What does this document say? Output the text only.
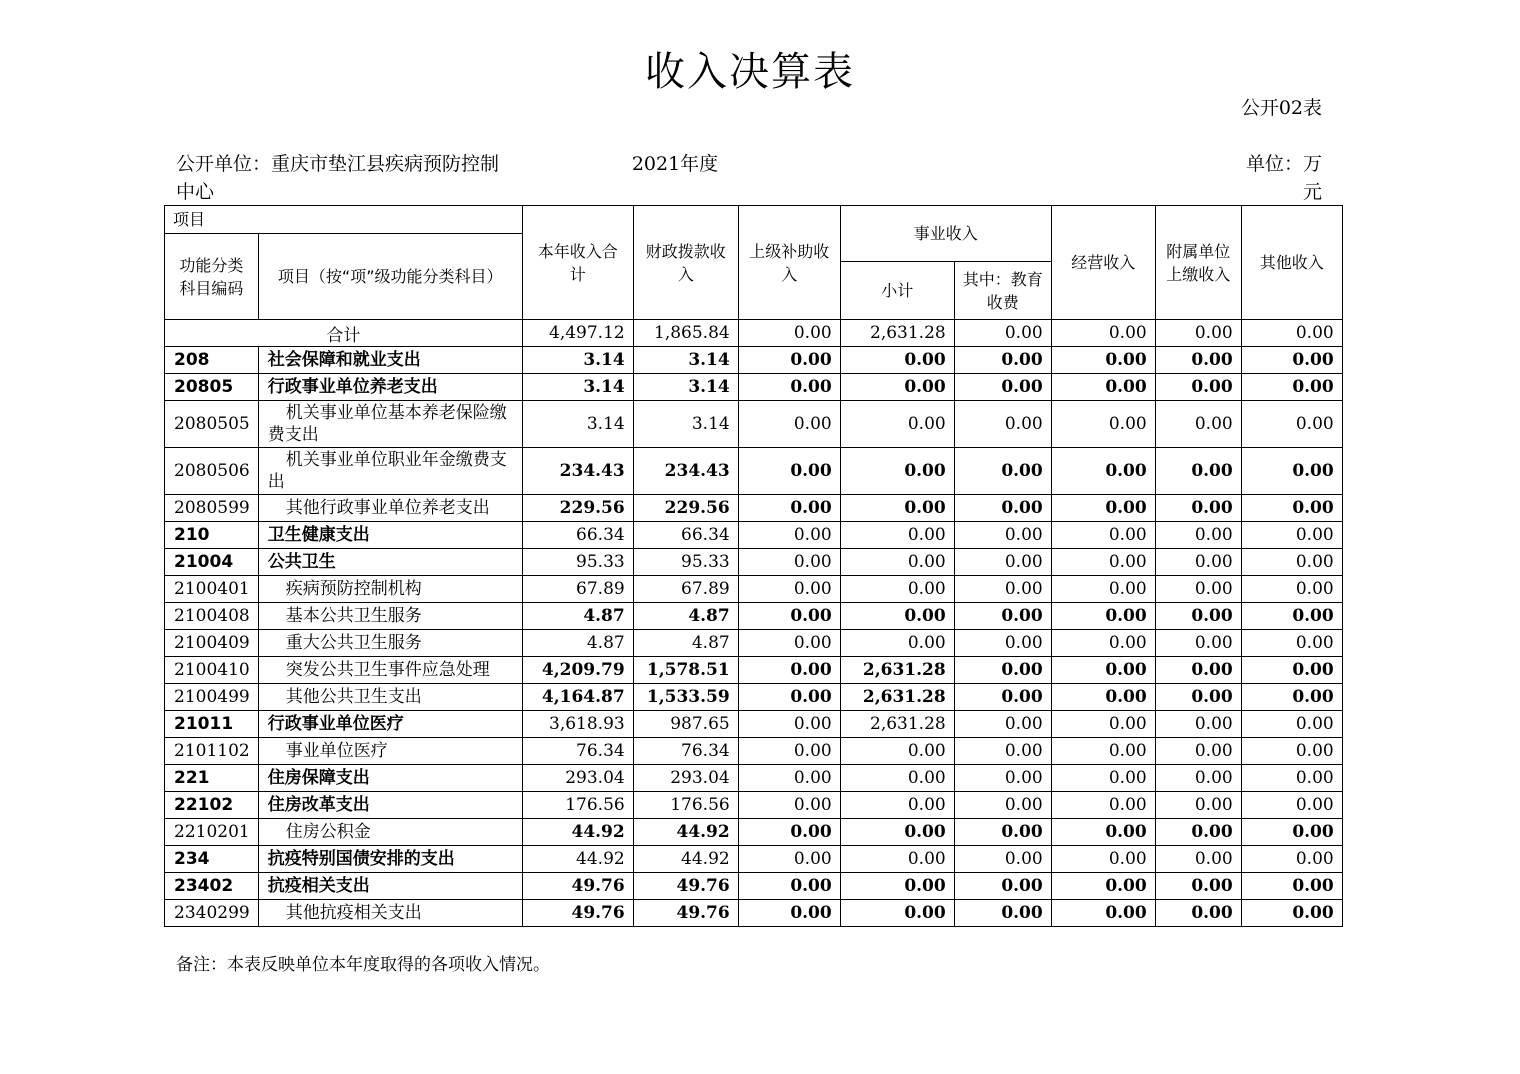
收入决算表
公开02表
公开单位：重庆市垫江县疾病预防控制中心
2021年度	单位：万元
项目		本年收入合计	财政拨款收入	上级补助收入	事业收入		经营收入	附属单位上缴收入	其他收入
功能分类科目编码	项目（按“项”级功能分类科目）								
					小计	其中：教育收费			
合计		4,497.12	1,865.84	0.00	2,631.28	0.00	0.00	0.00	0.00
208	社会保障和就业支出	3.14	3.14	0.00	0.00	0.00	0.00	0.00	0.00
20805	行政事业单位养老支出	3.14	3.14	0.00	0.00	0.00	0.00	0.00	0.00
2080505	机关事业单位基本养老保险缴费支出	3.14	3.14	0.00	0.00	0.00	0.00	0.00	0.00
2080506	机关事业单位职业年金缴费支出	234.43	234.43	0.00	0.00	0.00	0.00	0.00	0.00
2080599	其他行政事业单位养老支出	229.56	229.56	0.00	0.00	0.00	0.00	0.00	0.00
210	卫生健康支出	66.34	66.34	0.00	0.00	0.00	0.00	0.00	0.00
21004	公共卫生	95.33	95.33	0.00	0.00	0.00	0.00	0.00	0.00
2100401	疾病预防控制机构	67.89	67.89	0.00	0.00	0.00	0.00	0.00	0.00
2100408	基本公共卫生服务	4.87	4.87	0.00	0.00	0.00	0.00	0.00	0.00
2100409	重大公共卫生服务	4.87	4.87	0.00	0.00	0.00	0.00	0.00	0.00
2100410	突发公共卫生事件应急处理	4,209.79	1,578.51	0.00	2,631.28	0.00	0.00	0.00	0.00
2100499	其他公共卫生支出	4,164.87	1,533.59	0.00	2,631.28	0.00	0.00	0.00	0.00
21011	行政事业单位医疗	3,618.93	987.65	0.00	2,631.28	0.00	0.00	0.00	0.00
2101102	事业单位医疗	76.34	76.34	0.00	0.00	0.00	0.00	0.00	0.00
221	住房保障支出	293.04	293.04	0.00	0.00	0.00	0.00	0.00	0.00
22102	住房改革支出	176.56	176.56	0.00	0.00	0.00	0.00	0.00	0.00
2210201	住房公积金	44.92	44.92	0.00	0.00	0.00	0.00	0.00	0.00
234	抗疫特别国债安排的支出	44.92	44.92	0.00	0.00	0.00	0.00	0.00	0.00
23402	抗疫相关支出	49.76	49.76	0.00	0.00	0.00	0.00	0.00	0.00
2340299	其他抗疫相关支出	49.76	49.76	0.00	0.00	0.00	0.00	0.00	0.00
备注：本表反映单位本年度取得的各项收入情况。
